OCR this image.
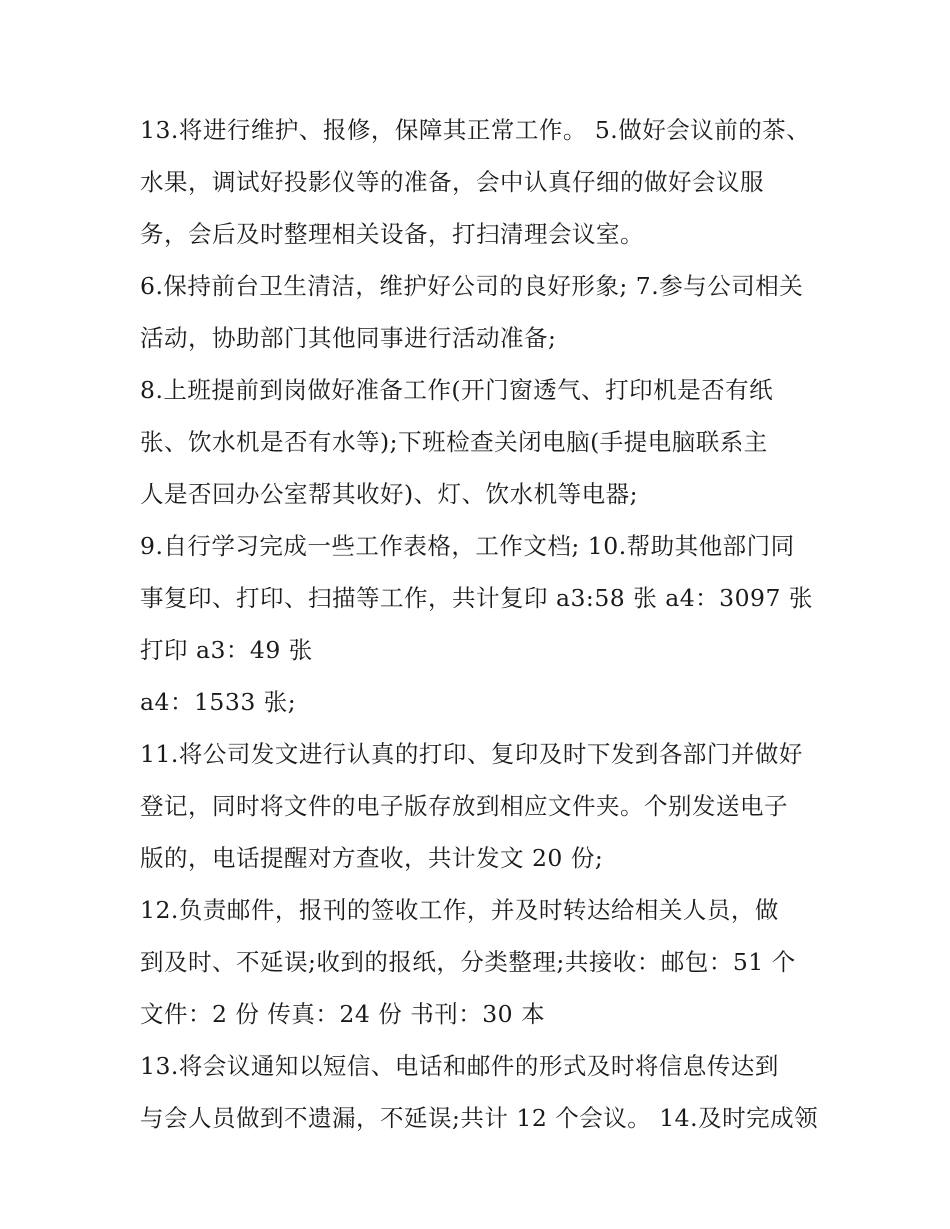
13.将进行维护、报修，保障其正常工作。 5.做好会议前的茶、
水果，调试好投影仪等的准备，会中认真仔细的做好会议服
务，会后及时整理相关设备，打扫清理会议室。
6.保持前台卫生清洁，维护好公司的良好形象; 7.参与公司相关
活动，协助部门其他同事进行活动准备;
8.上班提前到岗做好准备工作(开门窗透气、打印机是否有纸
张、饮水机是否有水等);下班检查关闭电脑(手提电脑联系主
人是否回办公室帮其收好)、灯、饮水机等电器;
9.自行学习完成一些工作表格，工作文档; 10.帮助其他部门同
事复印、打印、扫描等工作，共计复印 a3:58 张 a4：3097 张
打印 a3：49 张
a4：1533 张;
11.将公司发文进行认真的打印、复印及时下发到各部门并做好
登记，同时将文件的电子版存放到相应文件夹。个别发送电子
版的，电话提醒对方查收，共计发文 20 份;
12.负责邮件，报刊的签收工作，并及时转达给相关人员，做
到及时、不延误;收到的报纸，分类整理;共接收：邮包：51 个
文件：2 份 传真：24 份 书刊：30 本
13.将会议通知以短信、电话和邮件的形式及时将信息传达到
与会人员做到不遗漏，不延误;共计 12 个会议。 14.及时完成领
